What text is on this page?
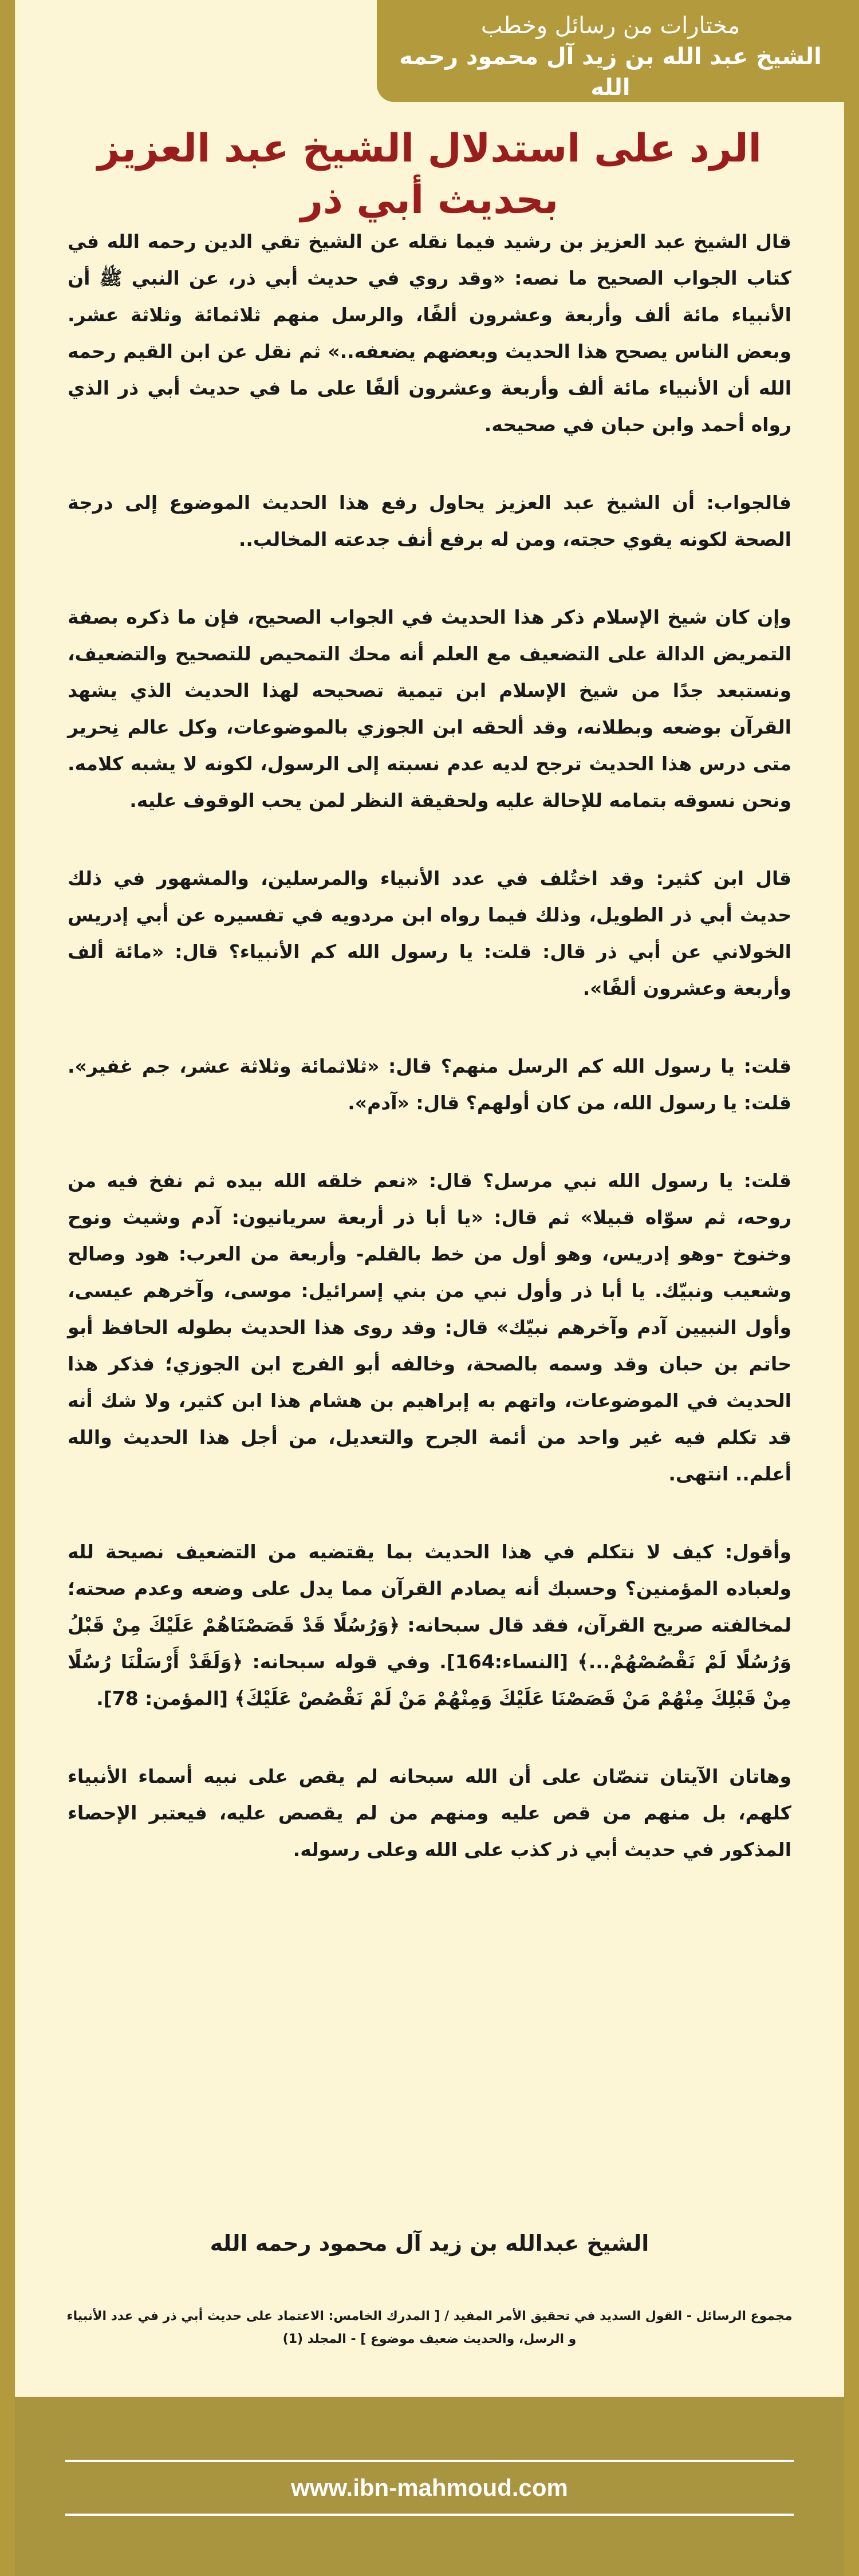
مختارات من رسائل وخطب
الشيخ عبد الله بن زيد آل محمود رحمه الله
الرد على استدلال الشيخ عبد العزيز بحديث أبي ذر

قال الشيخ عبد العزيز بن رشيد فيما نقله عن الشيخ تقي الدين رحمه الله في كتاب الجواب الصحيح ما نصه: «وقد روي في حديث أبي ذر، عن النبي ﷺ أن الأنبياء مائة ألف وأربعة وعشرون ألفًا، والرسل منهم ثلاثمائة وثلاثة عشر. وبعض الناس يصحح هذا الحديث وبعضهم يضعفه..» ثم نقل عن ابن القيم رحمه الله أن الأنبياء مائة ألف وأربعة وعشرون ألفًا على ما في حديث أبي ذر الذي رواه أحمد وابن حبان في صحيحه.

فالجواب: أن الشيخ عبد العزيز يحاول رفع هذا الحديث الموضوع إلى درجة الصحة لكونه يقوي حجته، ومن له برفع أنف جدعته المخالب..

وإن كان شيخ الإسلام ذكر هذا الحديث في الجواب الصحيح، فإن ما ذكره بصفة التمريض الدالة على التضعيف مع العلم أنه محك التمحيص للتصحيح والتضعيف، ونستبعد جدًا من شيخ الإسلام ابن تيمية تصحيحه لهذا الحديث الذي يشهد القرآن بوضعه وبطلانه، وقد ألحقه ابن الجوزي بالموضوعات، وكل عالم نِحرير متى درس هذا الحديث ترجح لديه عدم نسبته إلى الرسول، لكونه لا يشبه كلامه. ونحن نسوقه بتمامه للإحالة عليه ولحقيقة النظر لمن يحب الوقوف عليه.

قال ابن كثير: وقد اختُلف في عدد الأنبياء والمرسلين، والمشهور في ذلك حديث أبي ذر الطويل، وذلك فيما رواه ابن مردويه في تفسيره عن أبي إدريس الخولاني عن أبي ذر قال: قلت: يا رسول الله كم الأنبياء؟ قال: «مائة ألف وأربعة وعشرون ألفًا».

قلت: يا رسول الله كم الرسل منهم؟ قال: «ثلاثمائة وثلاثة عشر، جم غفير». قلت: يا رسول الله، من كان أولهم؟ قال: «آدم».

قلت: يا رسول الله نبي مرسل؟ قال: «نعم خلقه الله بيده ثم نفخ فيه من روحه، ثم سوّاه قبيلا» ثم قال: «يا أبا ذر أربعة سريانيون: آدم وشيث ونوح وخنوخ -وهو إدريس، وهو أول من خط بالقلم- وأربعة من العرب: هود وصالح وشعيب ونبيّك. يا أبا ذر وأول نبي من بني إسرائيل: موسى، وآخرهم عيسى، وأول النبيين آدم وآخرهم نبيّك» قال: وقد روى هذا الحديث بطوله الحافظ أبو حاتم بن حبان وقد وسمه بالصحة، وخالفه أبو الفرج ابن الجوزي؛ فذكر هذا الحديث في الموضوعات، واتهم به إبراهيم بن هشام هذا ابن كثير، ولا شك أنه قد تكلم فيه غير واحد من أئمة الجرح والتعديل، من أجل هذا الحديث والله أعلم.. انتهى.

وأقول: كيف لا نتكلم في هذا الحديث بما يقتضيه من التضعيف نصيحة لله ولعباده المؤمنين؟ وحسبك أنه يصادم القرآن مما يدل على وضعه وعدم صحته؛ لمخالفته صريح القرآن، فقد قال سبحانه: ﴿وَرُسُلًا قَدْ قَصَصْنَاهُمْ عَلَيْكَ مِنْ قَبْلُ وَرُسُلًا لَمْ نَقْصُصْهُمْ...﴾ [النساء:164]. وفي قوله سبحانه: ﴿وَلَقَدْ أَرْسَلْنَا رُسُلًا مِنْ قَبْلِكَ مِنْهُمْ مَنْ قَصَصْنَا عَلَيْكَ وَمِنْهُمْ مَنْ لَمْ نَقْصُصْ عَلَيْكَ﴾ [المؤمن: 78].

وهاتان الآيتان تنصّان على أن الله سبحانه لم يقص على نبيه أسماء الأنبياء كلهم، بل منهم من قص عليه ومنهم من لم يقصص عليه، فيعتبر الإحصاء المذكور في حديث أبي ذر كذب على الله وعلى رسوله.

الشيخ عبدالله بن زيد آل محمود رحمه الله
مجموع الرسائل - القول السديد في تحقيق الأمر المفيد / [ المدرك الخامس: الاعتماد على حديث أبي ذر في عدد الأنبياء و الرسل، والحديث ضعيف موضوع ] - المجلد (1)
www.ibn-mahmoud.com
